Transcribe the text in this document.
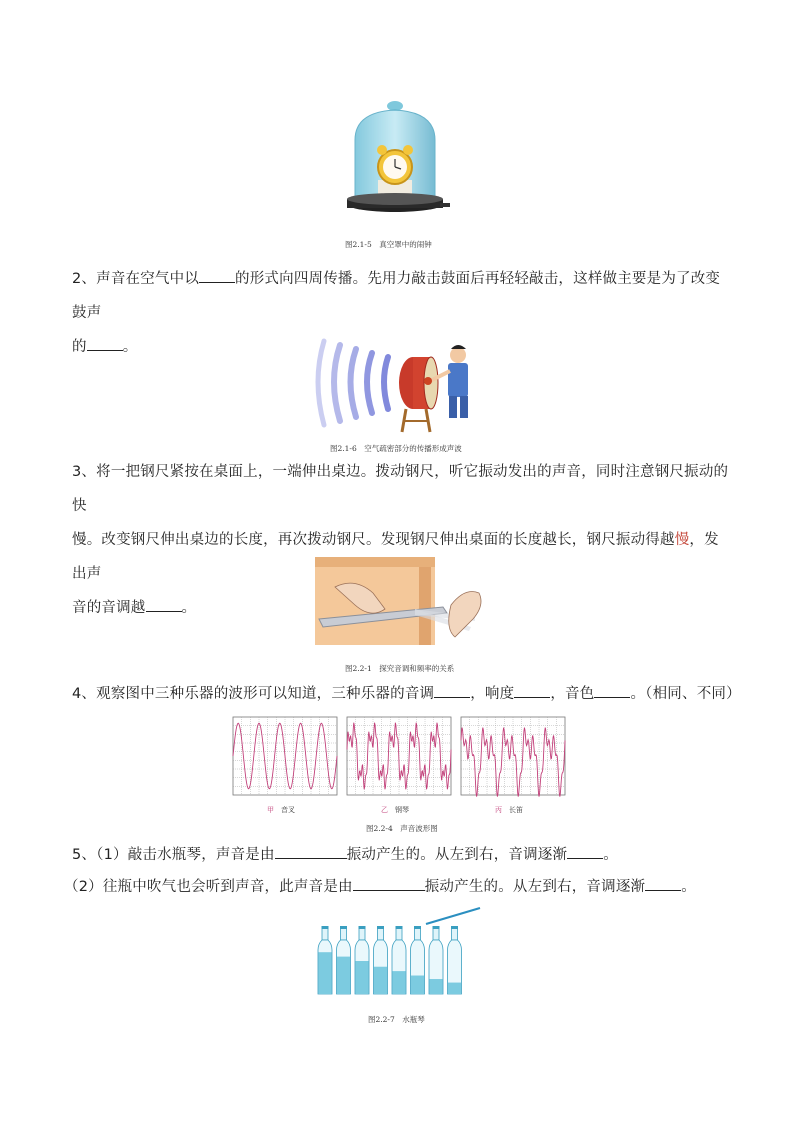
图2.1-5　真空罩中的闹钟
2、声音在空气中以 的形式向四周传播。先用力敲击鼓面后再轻轻敲击，这样做主要是为了改变鼓声
的 。
图2.1-6　空气疏密部分的传播形成声波
3、将一把钢尺紧按在桌面上，一端伸出桌边。拨动钢尺，听它振动发出的声音，同时注意钢尺振动的快
慢。改变钢尺伸出桌边的长度，再次拨动钢尺。发现钢尺伸出桌面的长度越长，钢尺振动得越慢，发出声
音的音调越 。
图2.2-1　探究音调和频率的关系
4、观察图中三种乐器的波形可以知道，三种乐器的音调 ，响度 ，音色 。（相同、不同）
甲 音叉	乙 钢琴	丙 长笛
图2.2-4　声音波形图
5、（1）敲击水瓶琴，声音是由	振动产生的。从左到右，音调逐渐 。
（2）往瓶中吹气也会听到声音，此声音是由	振动产生的。从左到右，音调逐渐 。
图2.2-7　水瓶琴
